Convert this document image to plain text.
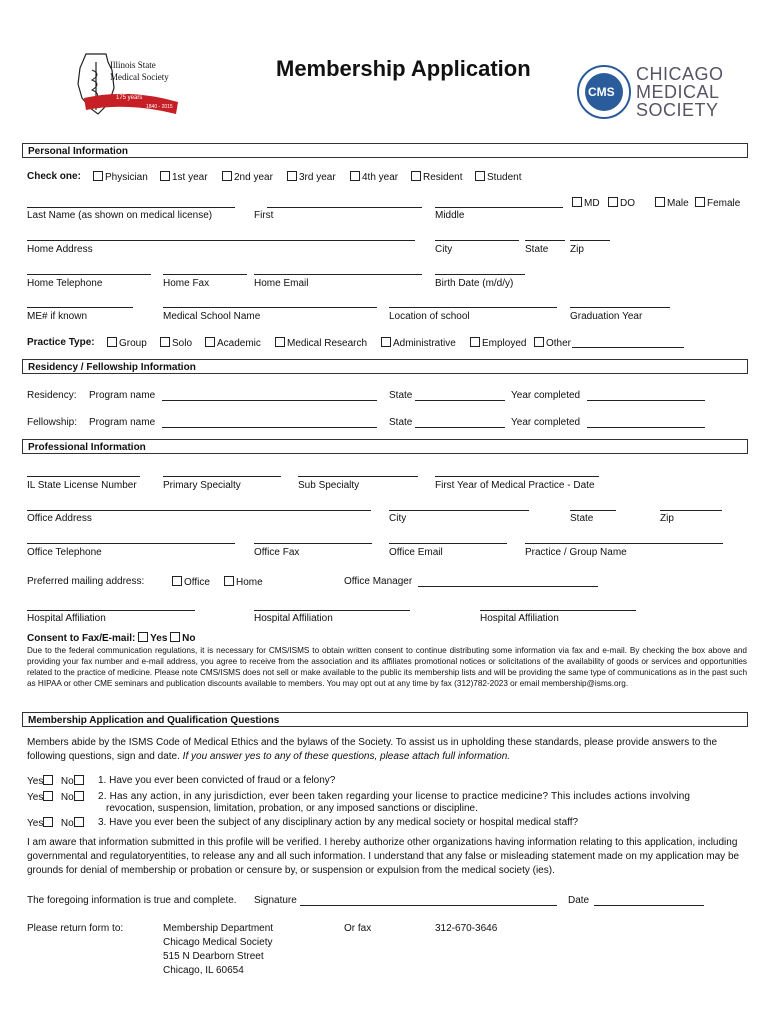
Illinois State
Medical Society
175 years
1840 - 2015
Membership Application
CMS
CHICAGO
MEDICAL
SOCIETY
Personal Information
Check one:	Physician	1st year	2nd year	3rd year	4th year	Resident	Student
MD	DO	Male	Female
Last Name (as shown on medical license)	First	Middle
Home Address	City	State Zip
Home Telephone	Home Fax	Home Email	Birth Date (m/d/y)
ME# if known	Medical School Name	Location of school	Graduation Year
Practice Type:	Group	Solo	Academic	Medical Research	Administrative	Employed	Other
Residency / Fellowship Information
Residency: Program name	State	Year completed
Fellowship: Program name	State	Year completed
Professional Information
IL State License Number	Primary Specialty	Sub Specialty	First Year of Medical Practice - Date
Office Address	City	State	Zip
Office Telephone	Office Fax	Office Email	Practice / Group Name
Preferred mailing address:	Office	Home	Office Manager
Hospital Affiliation	Hospital Affiliation	Hospital Affiliation
Consent to Fax/E-mail: Yes No
Due to the federal communication regulations, it is necessary for CMS/ISMS to obtain written consent to continue distributing some information via fax and e-mail. By checking the box above and providing your fax number and e-mail address, you agree to receive from the association and its affiliates promotional notices or solicitations of the availability of goods or services and opportunities related to the practice of medicine. Please note CMS/ISMS does not sell or make available to the public its membership lists and will be providing the same type of communications as in the past such as HIPAA or other CME seminars and publication discounts available to members. You may opt out at any time by fax (312)782-2023 or email membership@isms.org.
Membership Application and Qualification Questions
Members abide by the ISMS Code of Medical Ethics and the bylaws of the Society. To assist us in upholding these standards, please provide answers to the following questions, sign and date. If you answer yes to any of these questions, please attach full information.
Yes No	1. Have you ever been convicted of fraud or a felony?
Yes No	2. Has any action, in any jurisdiction, ever been taken regarding your license to practice medicine? This includes actions involving
revocation, suspension, limitation, probation, or any imposed sanctions or discipline.
Yes No	3. Have you ever been the subject of any disciplinary action by any medical society or hospital medical staff?
I am aware that information submitted in this profile will be verified. I hereby authorize other organizations having information relating to this application, including governmental and regulatoryentities, to release any and all such information. I understand that any false or misleading statement made on my application may be grounds for denial of membership or probation or censure by, or suspension or expulsion from the medical society (ies).
The foregoing information is true and complete. Signature	Date
Please return form to:	Membership Department
Chicago Medical Society
515 N Dearborn Street
Chicago, IL 60654
Or fax	312-670-3646
